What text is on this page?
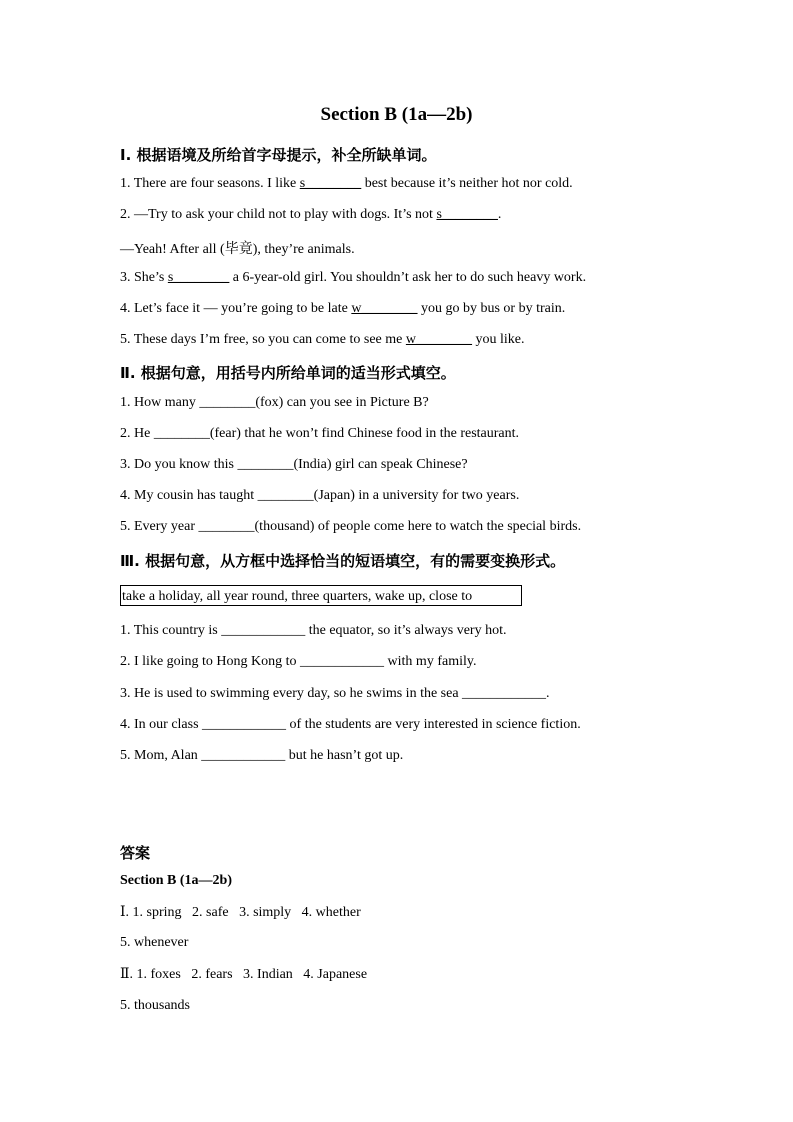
Section B (1a—2b)
Ⅰ. 根据语境及所给首字母提示，补全所缺单词。
1. There are four seasons. I like s________ best because it’s neither hot nor cold.
2. —Try to ask your child not to play with dogs. It’s not s________.
—Yeah! After all (毕竟), they’re animals.
3. She’s s________ a 6-year-old girl. You shouldn’t ask her to do such heavy work.
4. Let’s face it — you’re going to be late w________ you go by bus or by train.
5. These days I’m free, so you can come to see me w________ you like.
Ⅱ. 根据句意，用括号内所给单词的适当形式填空。
1. How many ________(fox) can you see in Picture B?
2. He ________(fear) that he won’t find Chinese food in the restaurant.
3. Do you know this ________(India) girl can speak Chinese?
4. My cousin has taught ________(Japan) in a university for two years.
5. Every year ________(thousand) of people come here to watch the special birds.
Ⅲ. 根据句意，从方框中选择恰当的短语填空，有的需要变换形式。
take a holiday, all year round, three quarters, wake up, close to
1. This country is ____________ the equator, so it’s always very hot.
2. I like going to Hong Kong to ____________ with my family.
3. He is used to swimming every day, so he swims in the sea ____________.
4. In our class ____________ of the students are very interested in science fiction.
5. Mom, Alan ____________ but he hasn’t got up.
答案
Section B (1a—2b)
Ⅰ. 1. spring   2. safe   3. simply   4. whether
5. whenever
Ⅱ. 1. foxes   2. fears   3. Indian   4. Japanese
5. thousands
